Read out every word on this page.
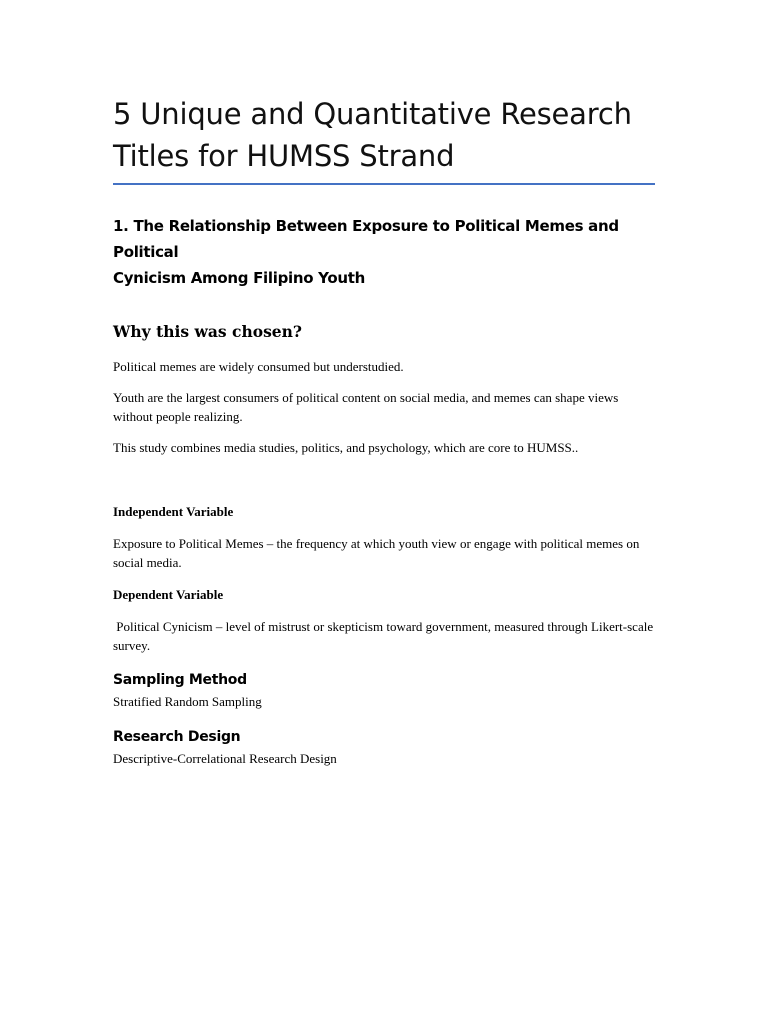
5 Unique and Quantitative Research
Titles for HUMSS Strand
1. The Relationship Between Exposure to Political Memes and Political
Cynicism Among Filipino Youth
Why this was chosen?

Political memes are widely consumed but understudied.

Youth are the largest consumers of political content on social media, and memes can shape views without people realizing.

This study combines media studies, politics, and psychology, which are core to HUMSS..

Independent Variable

Exposure to Political Memes – the frequency at which youth view or engage with political memes on social media.

Dependent Variable

Political Cynicism – level of mistrust or skepticism toward government, measured through Likert-scale survey.

Sampling Method

Stratified Random Sampling

Research Design

Descriptive-Correlational Research Design
